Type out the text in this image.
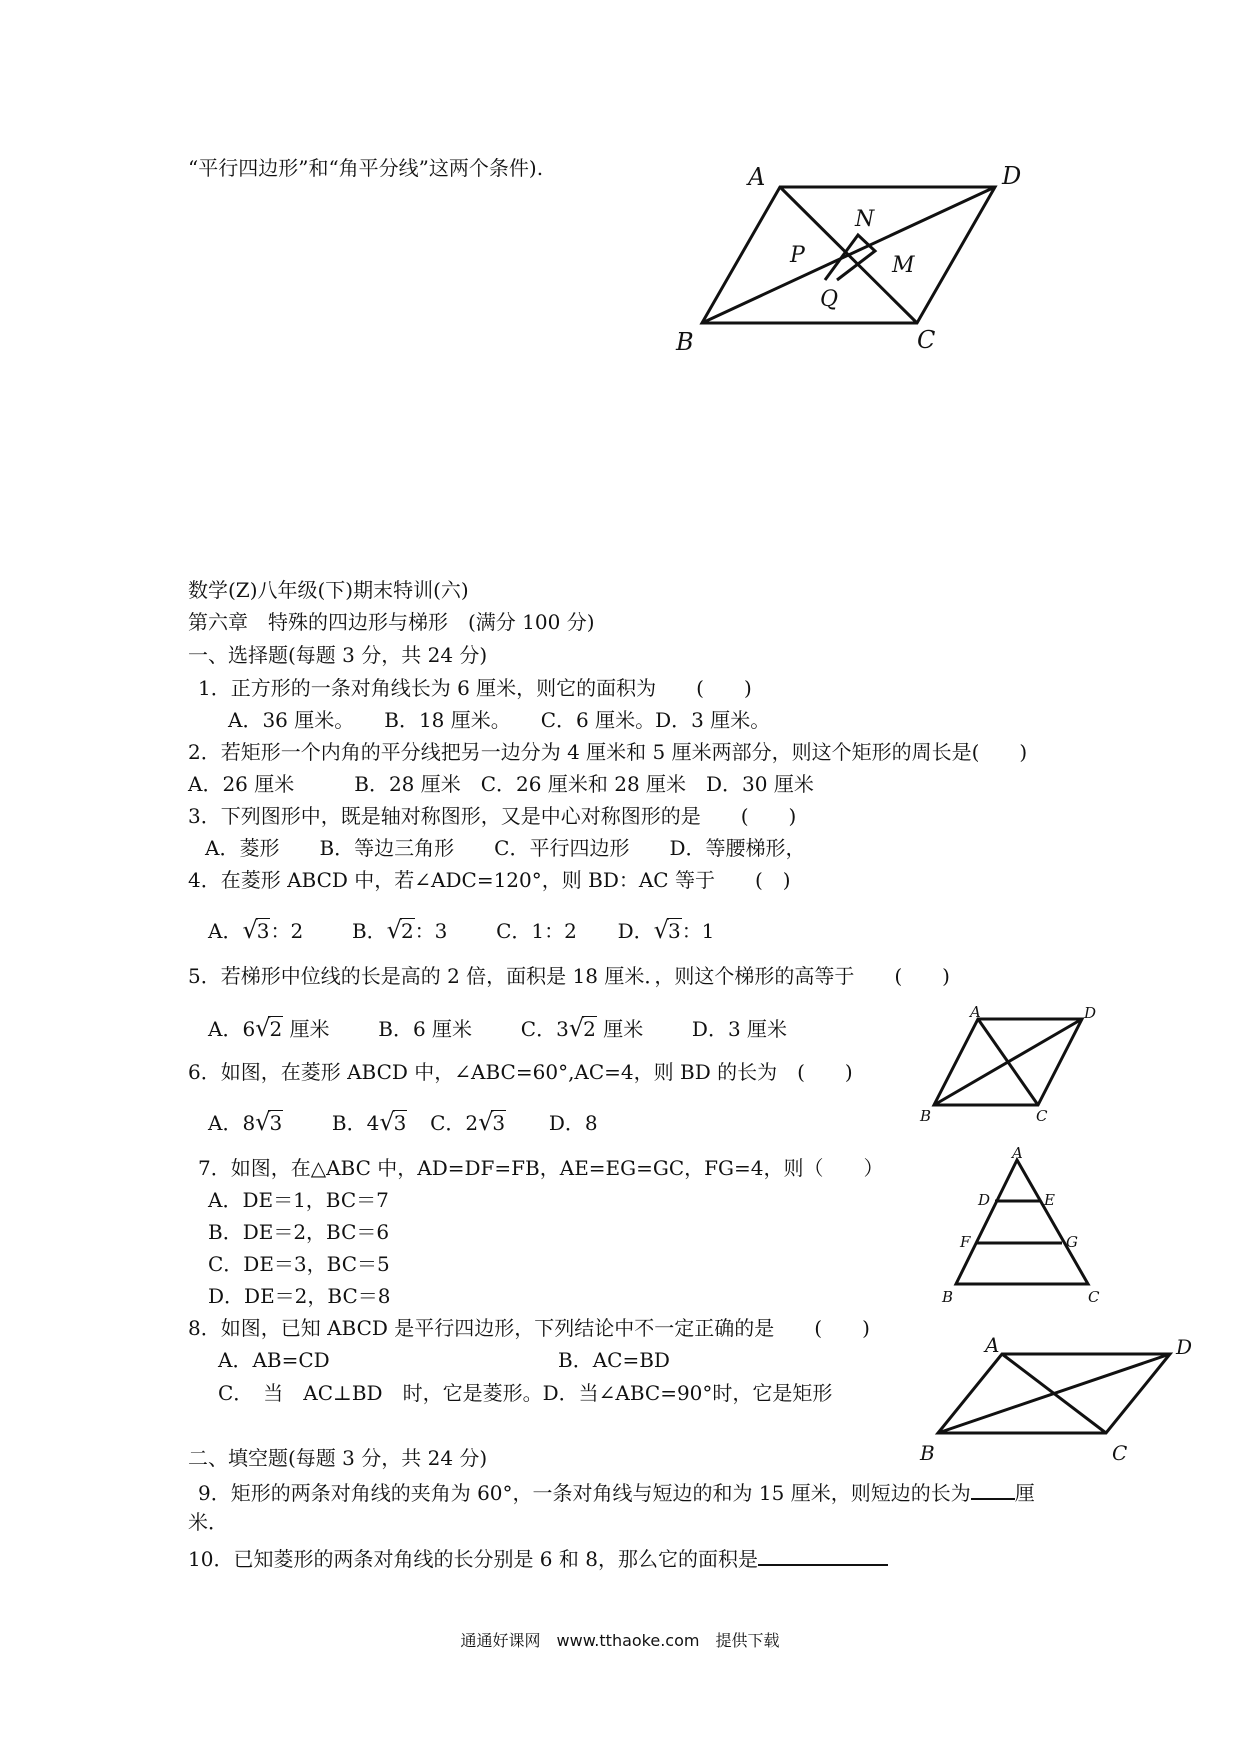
“平行四边形”和“角平分线”这两个条件).	A	D
B	C
N
P	M
Q
数学(Z)八年级(下)期末特训(六)
第六章　特殊的四边形与梯形　(满分 100 分)
一、选择题(每题 3 分，共 24 分)
1．正方形的一条对角线长为 6 厘米，则它的面积为　　(　　)
A．36 厘米。　　B．18 厘米。　　C．6 厘米。D．3 厘米。
2．若矩形一个内角的平分线把另一边分为 4 厘米和 5 厘米两部分，则这个矩形的周长是(　　)
A．26 厘米　　　B．28 厘米　C．26 厘米和 28 厘米　D．30 厘米
3．下列图形中，既是轴对称图形，又是中心对称图形的是　　(　　)
A．菱形　　B．等边三角形　　C．平行四边形　　D．等腰梯形，
4．在菱形 ABCD 中，若∠ADC=120°，则 BD：AC 等于　　(　)
A．√3：2 B．√2：3 C．1：2 D．√3：1
5．若梯形中位线的长是高的 2 倍，面积是 18 厘米．，则这个梯形的高等于　　(　　)
A．6√2 厘米 B．6 厘米 C．3√2 厘米 D．3 厘米
6．如图，在菱形 ABCD 中，∠ABC=60°,AC=4，则 BD 的长为　(　　)
A．8√3 B．4√3 C．2√3 D．8
7．如图，在△ABC 中，AD=DF=FB，AE=EG=GC，FG=4，则（　　）
A．DE＝1，BC＝7
B．DE＝2，BC＝6
C．DE＝3，BC＝5
D．DE＝2，BC＝8
8．如图，已知 ABCD 是平行四边形，下列结论中不一定正确的是　　(　　)
A．AB=CD	B．AC=BD
C．　当　AC⊥BD　时，它是菱形。D．当∠ABC=90°时，它是矩形
A	D
B	C
A
D	E
F	G
B	C
A	D
B	C
二、填空题(每题 3 分，共 24 分)
9．矩形的两条对角线的夹角为 60°，一条对角线与短边的和为 15 厘米，则短边的长为 厘
米．
10．已知菱形的两条对角线的长分别是 6 和 8，那么它的面积是
通通好课网　www.tthaoke.com　提供下载
